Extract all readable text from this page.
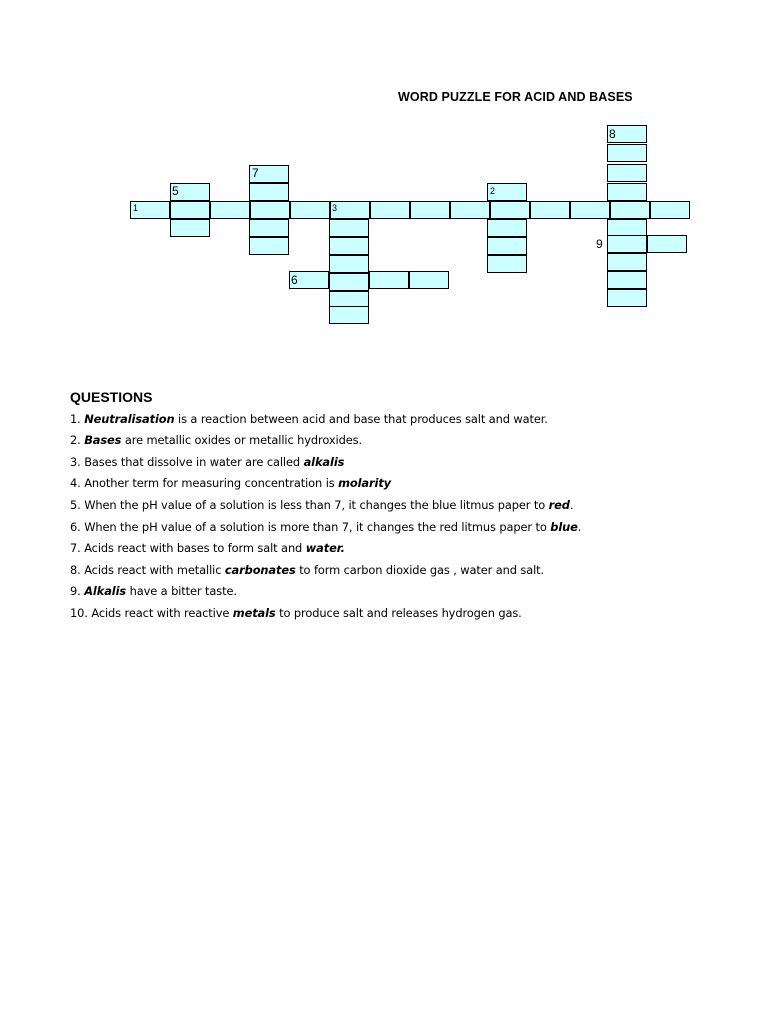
WORD PUZZLE FOR ACID AND BASES
1
2
3
5
6
7
8
9
QUESTIONS
1. Neutralisation is a reaction between acid and base that produces salt and water.
2. Bases are metallic oxides or metallic hydroxides.
3. Bases that dissolve in water are called alkalis
4. Another term for measuring concentration is molarity
5. When the pH value of a solution is less than 7, it changes the blue litmus paper to red.
6. When the pH value of a solution is more than 7, it changes the red litmus paper to blue.
7. Acids react with bases to form salt and water.
8. Acids react with metallic carbonates to form carbon dioxide gas , water and salt.
9. Alkalis have a bitter taste.
10. Acids react with reactive metals to produce salt and releases hydrogen gas.
